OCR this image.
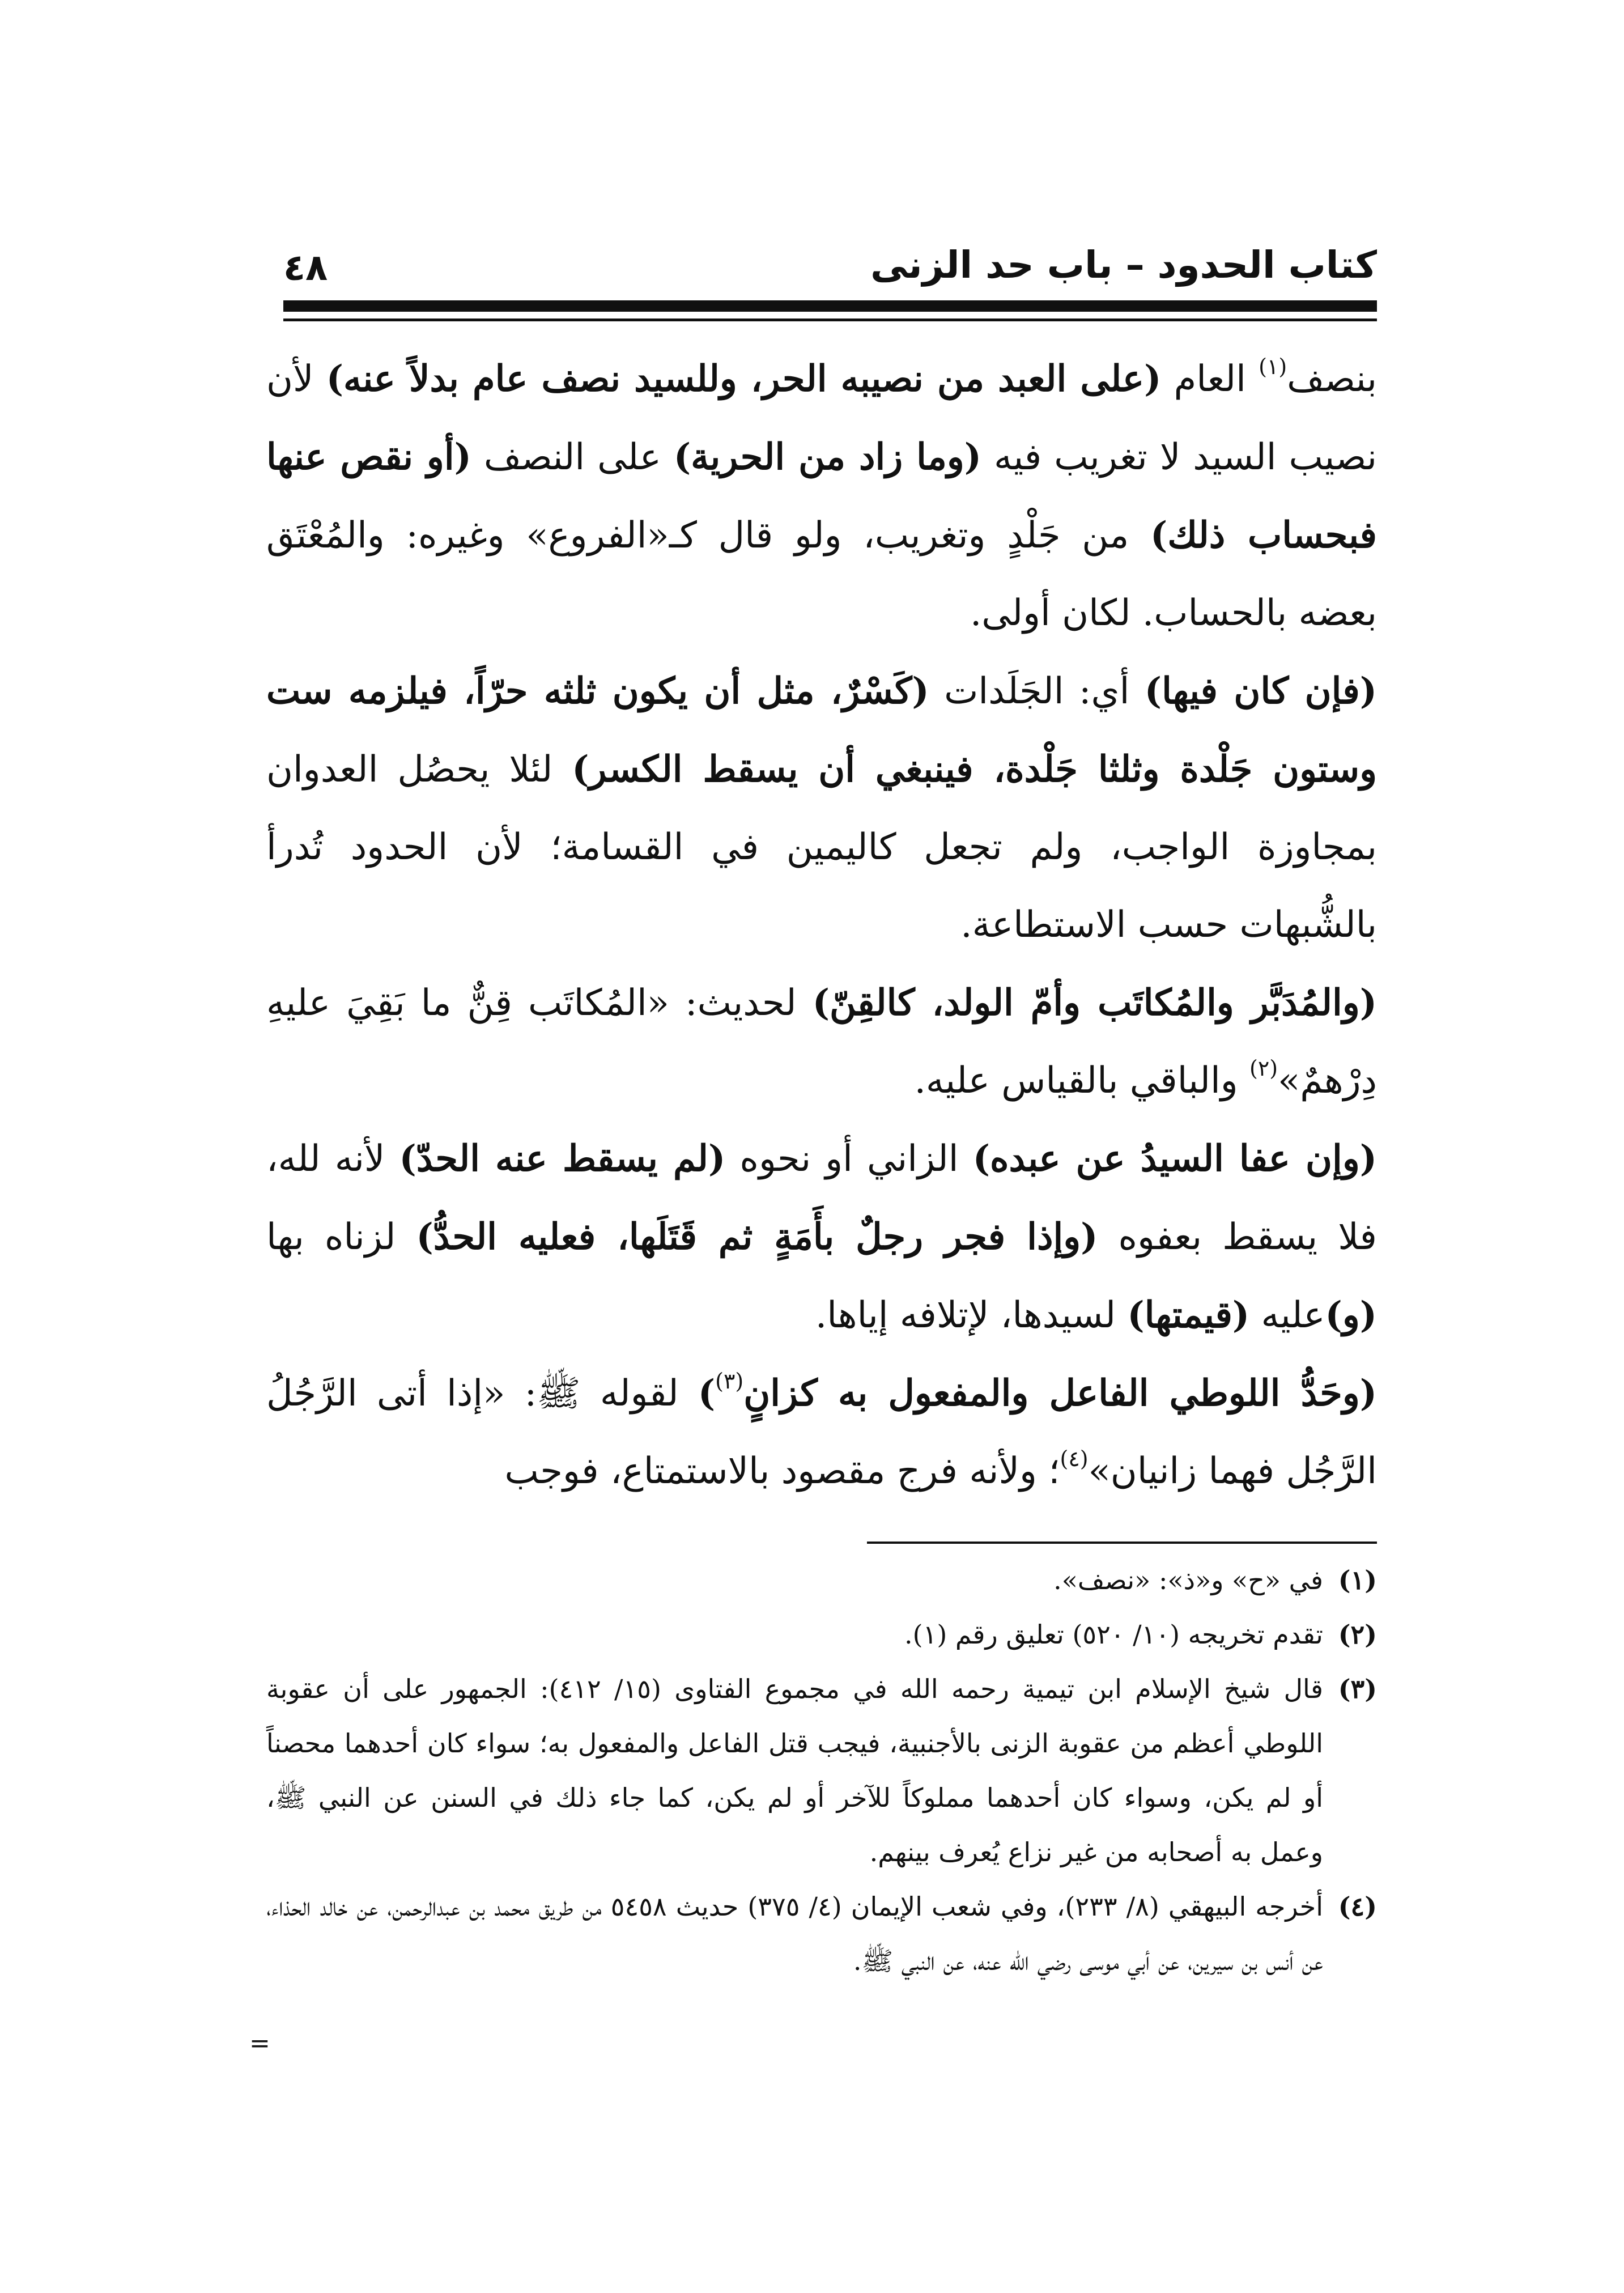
٤٨	كتاب الحدود – باب حد الزنى

بنصف$^{(١)}$ العام (على العبد من نصيبه الحر، وللسيد نصف عام بدلاً عنه) لأن نصيب السيد لا تغريب فيه (وما زاد من الحرية) على النصف (أو نقص عنها فبحساب ذلك) من جَلْدٍ وتغريب، ولو قال كـ«الفروع» وغيره: والمُعْتَق بعضه بالحساب. لكان أولى.

(فإن كان فيها) أي: الجَلَدات (كَسْرٌ، مثل أن يكون ثلثه حرّاً، فيلزمه ست وستون جَلْدة وثلثا جَلْدة، فينبغي أن يسقط الكسر) لئلا يحصُل العدوان بمجاوزة الواجب، ولم تجعل كاليمين في القسامة؛ لأن الحدود تُدرأ بالشُّبهات حسب الاستطاعة.

(والمُدَبَّر والمُكاتَب وأمّ الولد، كالقِنّ) لحديث: «المُكاتَب قِنٌّ ما بَقِيَ عليهِ دِرْهمٌ»$^{(٢)}$ والباقي بالقياس عليه.

(وإن عفا السيدُ عن عبده) الزاني أو نحوه (لم يسقط عنه الحدّ) لأنه لله، فلا يسقط بعفوه (وإذا فجر رجلٌ بأَمَةٍ ثم قَتَلَها، فعليه الحدُّ) لزناه بها (و)عليه (قيمتها) لسيدها، لإتلافه إياها.

(وحَدُّ اللوطي الفاعل والمفعول به كزانٍ$^{(٣)}$) لقوله ﷺ: «إذا أتى الرَّجُلُ الرَّجُل فهما زانيان»$^{(٤)}$؛ ولأنه فرج مقصود بالاستمتاع، فوجب

(١)
في «ح» و«ذ»: «نصف».

(٢)
تقدم تخريجه (١٠/ ٥٢٠) تعليق رقم (١).

(٣)
قال شيخ الإسلام ابن تيمية رحمه الله في مجموع الفتاوى (١٥/ ٤١٢): الجمهور على أن عقوبة اللوطي أعظم من عقوبة الزنى بالأجنبية، فيجب قتل الفاعل والمفعول به؛ سواء كان أحدهما محصناً أو لم يكن، وسواء كان أحدهما مملوكاً للآخر أو لم يكن، كما جاء ذلك في السنن عن النبي ﷺ، وعمل به أصحابه من غير نزاع يُعرف بينهم.

(٤)
أخرجه البيهقي (٨/ ٢٣٣)، وفي شعب الإيمان (٤/ ٣٧٥) حديث ٥٤٥٨ من طريق محمد بن عبدالرحمن، عن خالد الحذاء، عن أنس بن سيرين، عن أبي موسى رضي الله عنه، عن النبي ﷺ.

=
